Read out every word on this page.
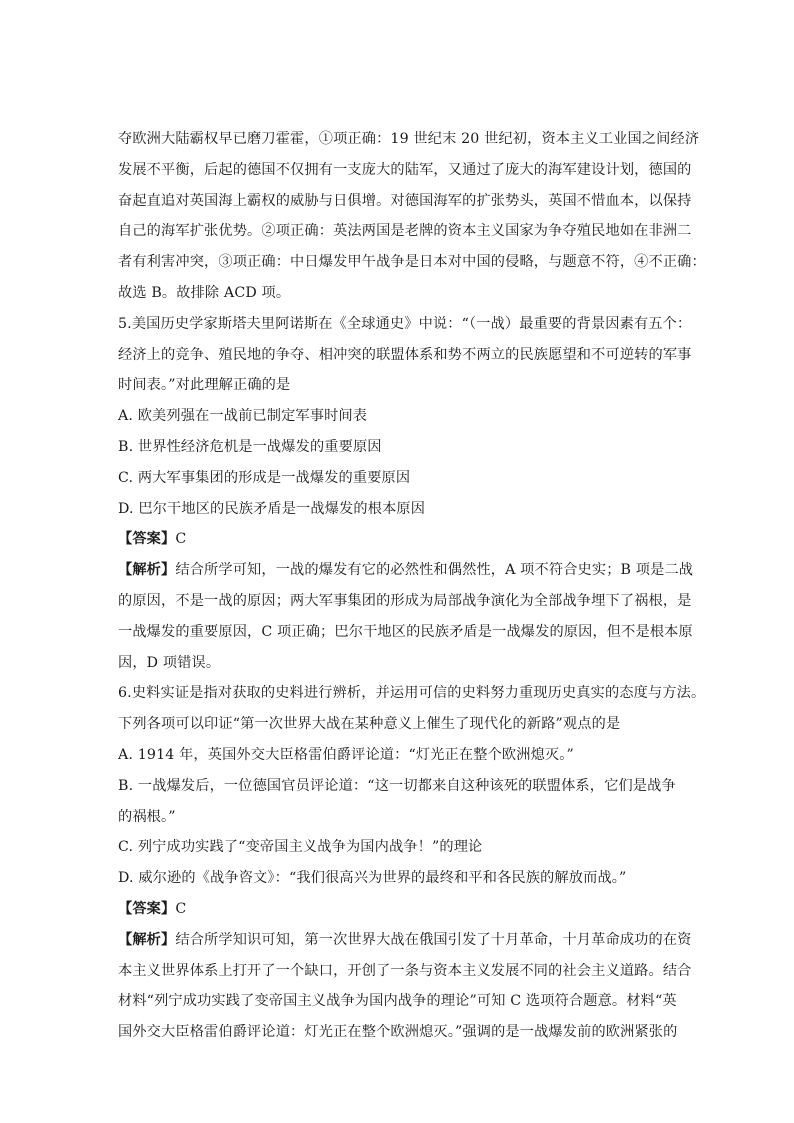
夺欧洲大陆霸权早已磨刀霍霍，①项正确：19 世纪末 20 世纪初，资本主义工业国之间经济
发展不平衡，后起的德国不仅拥有一支庞大的陆军，又通过了庞大的海军建设计划，德国的
奋起直追对英国海上霸权的威胁与日俱增。对德国海军的扩张势头，英国不惜血本，以保持
自己的海军扩张优势。②项正确：英法两国是老牌的资本主义国家为争夺殖民地如在非洲二
者有利害冲突，③项正确：中日爆发甲午战争是日本对中国的侵略，与题意不符，④不正确：
故选 B。故排除 ACD 项。
5.美国历史学家斯塔夫里阿诺斯在《全球通史》中说：“（一战）最重要的背景因素有五个：
经济上的竞争、殖民地的争夺、相冲突的联盟体系和势不两立的民族愿望和不可逆转的军事
时间表。”对此理解正确的是
A. 欧美列强在一战前已制定军事时间表
B. 世界性经济危机是一战爆发的重要原因
C. 两大军事集团的形成是一战爆发的重要原因
D. 巴尔干地区的民族矛盾是一战爆发的根本原因
【答案】C
【解析】结合所学可知，一战的爆发有它的必然性和偶然性，A 项不符合史实；B 项是二战
的原因，不是一战的原因；两大军事集团的形成为局部战争演化为全部战争埋下了祸根，是
一战爆发的重要原因，C 项正确；巴尔干地区的民族矛盾是一战爆发的原因，但不是根本原
因，D 项错误。
6.史料实证是指对获取的史料进行辨析，并运用可信的史料努力重现历史真实的态度与方法。
下列各项可以印证“第一次世界大战在某种意义上催生了现代化的新路”观点的是
A. 1914 年，英国外交大臣格雷伯爵评论道：“灯光正在整个欧洲熄灭。”
B. 一战爆发后，一位德国官员评论道：“这一切都来自这种该死的联盟体系，它们是战争
的祸根。”
C. 列宁成功实践了“变帝国主义战争为国内战争！”的理论
D. 威尔逊的《战争咨文》：“我们很高兴为世界的最终和平和各民族的解放而战。”
【答案】C
【解析】结合所学知识可知，第一次世界大战在俄国引发了十月革命，十月革命成功的在资
本主义世界体系上打开了一个缺口，开创了一条与资本主义发展不同的社会主义道路。结合
材料“列宁成功实践了变帝国主义战争为国内战争的理论”可知 C 选项符合题意。材料“英
国外交大臣格雷伯爵评论道：灯光正在整个欧洲熄灭。”强调的是一战爆发前的欧洲紧张的
